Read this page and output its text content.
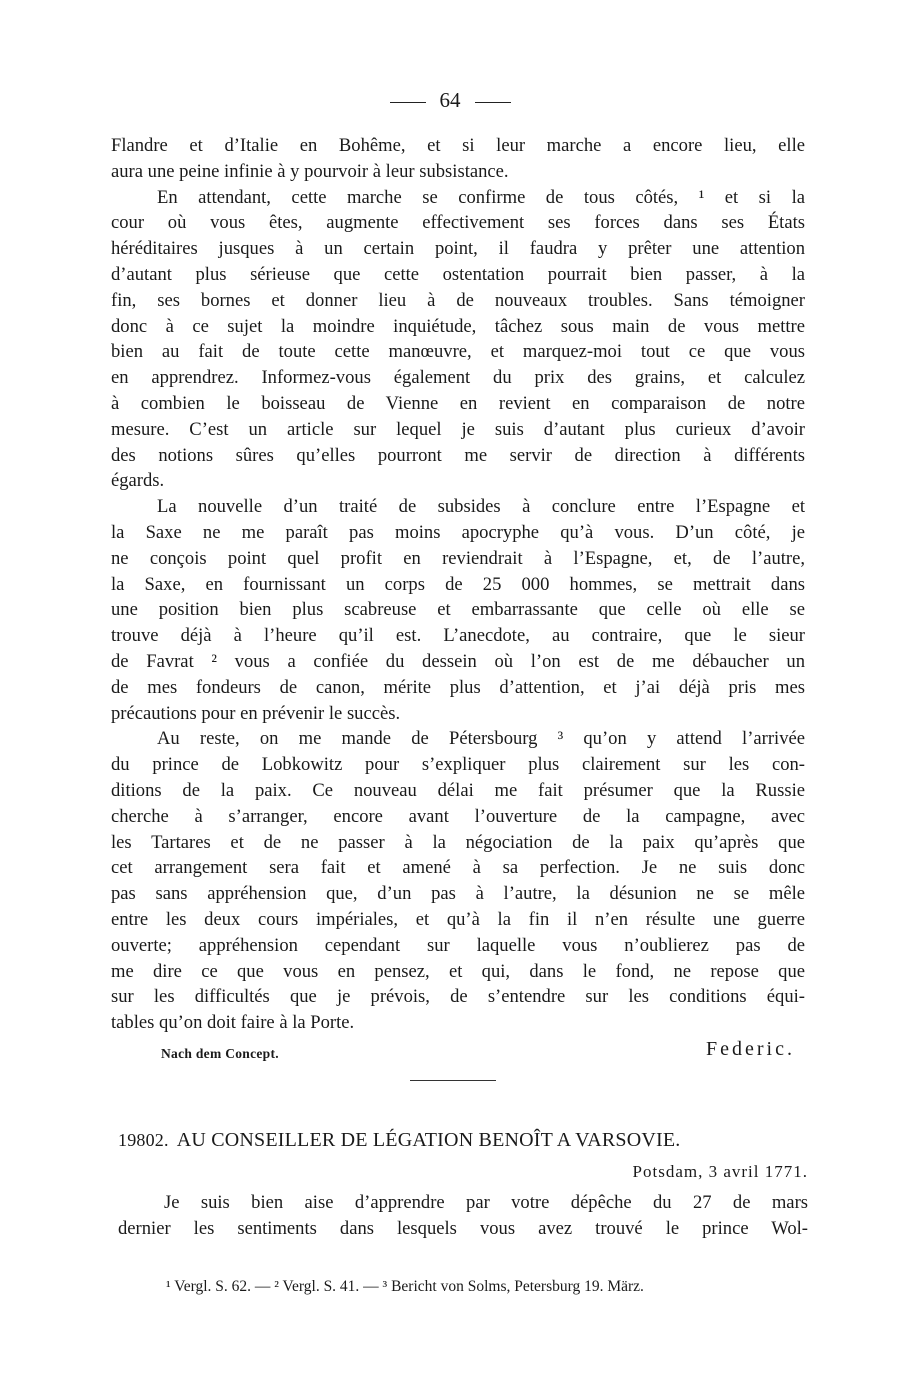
64
Flandre et d’Italie en Bohême, et si leur marche a encore lieu, elle
aura une peine infinie à y pourvoir à leur subsistance.
En attendant, cette marche se confirme de tous côtés, ¹ et si la
cour où vous êtes, augmente effectivement ses forces dans ses États
héréditaires jusques à un certain point, il faudra y prêter une attention
d’autant plus sérieuse que cette ostentation pourrait bien passer, à la
fin, ses bornes et donner lieu à de nouveaux troubles. Sans témoigner
donc à ce sujet la moindre inquiétude, tâchez sous main de vous mettre
bien au fait de toute cette manœuvre, et marquez-moi tout ce que vous
en apprendrez. Informez-vous également du prix des grains, et calculez
à combien le boisseau de Vienne en revient en comparaison de notre
mesure. C’est un article sur lequel je suis d’autant plus curieux d’avoir
des notions sûres qu’elles pourront me servir de direction à différents
égards.
La nouvelle d’un traité de subsides à conclure entre l’Espagne et
la Saxe ne me paraît pas moins apocryphe qu’à vous. D’un côté, je
ne conçois point quel profit en reviendrait à l’Espagne, et, de l’autre,
la Saxe, en fournissant un corps de 25 000 hommes, se mettrait dans
une position bien plus scabreuse et embarrassante que celle où elle se
trouve déjà à l’heure qu’il est. L’anecdote, au contraire, que le sieur
de Favrat ² vous a confiée du dessein où l’on est de me débaucher un
de mes fondeurs de canon, mérite plus d’attention, et j’ai déjà pris mes
précautions pour en prévenir le succès.
Au reste, on me mande de Pétersbourg ³ qu’on y attend l’arrivée
du prince de Lobkowitz pour s’expliquer plus clairement sur les con-
ditions de la paix. Ce nouveau délai me fait présumer que la Russie
cherche à s’arranger, encore avant l’ouverture de la campagne, avec
les Tartares et de ne passer à la négociation de la paix qu’après que
cet arrangement sera fait et amené à sa perfection. Je ne suis donc
pas sans appréhension que, d’un pas à l’autre, la désunion ne se mêle
entre les deux cours impériales, et qu’à la fin il n’en résulte une guerre
ouverte; appréhension cependant sur laquelle vous n’oublierez pas de
me dire ce que vous en pensez, et qui, dans le fond, ne repose que
sur les difficultés que je prévois, de s’entendre sur les conditions équi-
tables qu’on doit faire à la Porte.
Nach dem Concept.	Federic.
19802. AU CONSEILLER DE LÉGATION BENOÎT A VARSOVIE.
Potsdam, 3 avril 1771.
Je suis bien aise d’apprendre par votre dépêche du 27 de mars
dernier les sentiments dans lesquels vous avez trouvé le prince Wol-
¹ Vergl. S. 62. — ² Vergl. S. 41. — ³ Bericht von Solms, Petersburg 19. März.
